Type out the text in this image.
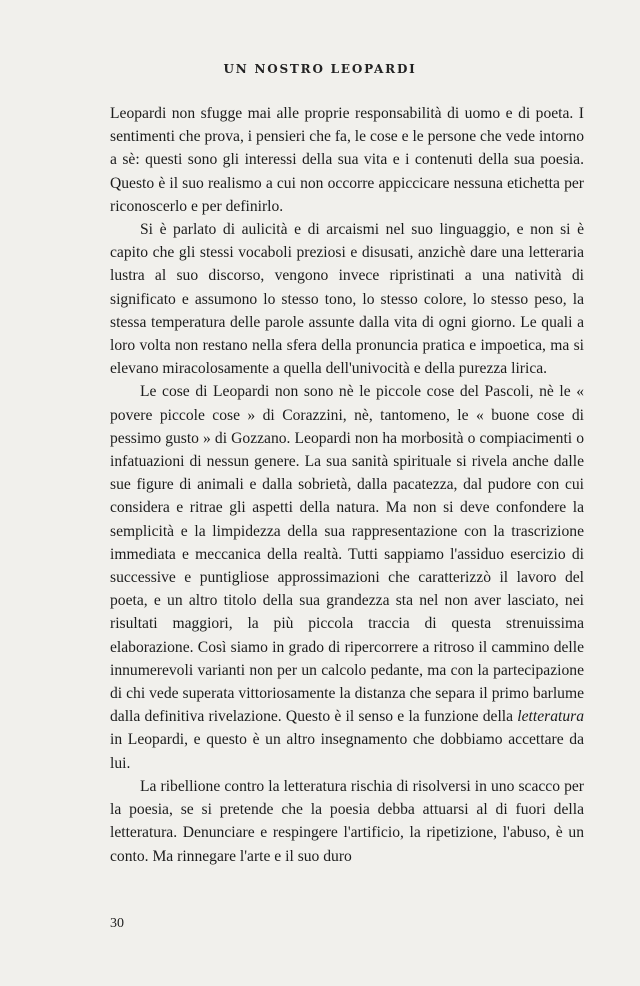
UN NOSTRO LEOPARDI

Leopardi non sfugge mai alle proprie responsabilità di uomo e di poeta. I sentimenti che prova, i pensieri che fa, le cose e le persone che vede intorno a sè: questi sono gli interessi della sua vita e i contenuti della sua poesia. Questo è il suo realismo a cui non occorre appiccicare nessuna etichetta per riconoscerlo e per definirlo.

Si è parlato di aulicità e di arcaismi nel suo linguaggio, e non si è capito che gli stessi vocaboli preziosi e disusati, anzichè dare una letteraria lustra al suo discorso, vengono invece ripristinati a una natività di significato e assumono lo stesso tono, lo stesso colore, lo stesso peso, la stessa temperatura delle parole assunte dalla vita di ogni giorno. Le quali a loro volta non restano nella sfera della pronuncia pratica e impoetica, ma si elevano miracolosamente a quella dell'univocità e della purezza lirica.

Le cose di Leopardi non sono nè le piccole cose del Pascoli, nè le « povere piccole cose » di Corazzini, nè, tantomeno, le « buone cose di pessimo gusto » di Gozzano. Leopardi non ha morbosità o compiacimenti o infatuazioni di nessun genere. La sua sanità spirituale si rivela anche dalle sue figure di animali e dalla sobrietà, dalla pacatezza, dal pudore con cui considera e ritrae gli aspetti della natura. Ma non si deve confondere la semplicità e la limpidezza della sua rappresentazione con la trascrizione immediata e meccanica della realtà. Tutti sappiamo l'assiduo esercizio di successive e puntigliose approssimazioni che caratterizzò il lavoro del poeta, e un altro titolo della sua grandezza sta nel non aver lasciato, nei risultati maggiori, la più piccola traccia di questa strenuissima elaborazione. Così siamo in grado di ripercorrere a ritroso il cammino delle innumerevoli varianti non per un calcolo pedante, ma con la partecipazione di chi vede superata vittoriosamente la distanza che separa il primo barlume dalla definitiva rivelazione. Questo è il senso e la funzione della letteratura in Leopardi, e questo è un altro insegnamento che dobbiamo accettare da lui.

La ribellione contro la letteratura rischia di risolversi in uno scacco per la poesia, se si pretende che la poesia debba attuarsi al di fuori della letteratura. Denunciare e respingere l'artificio, la ripetizione, l'abuso, è un conto. Ma rinnegare l'arte e il suo duro

30
